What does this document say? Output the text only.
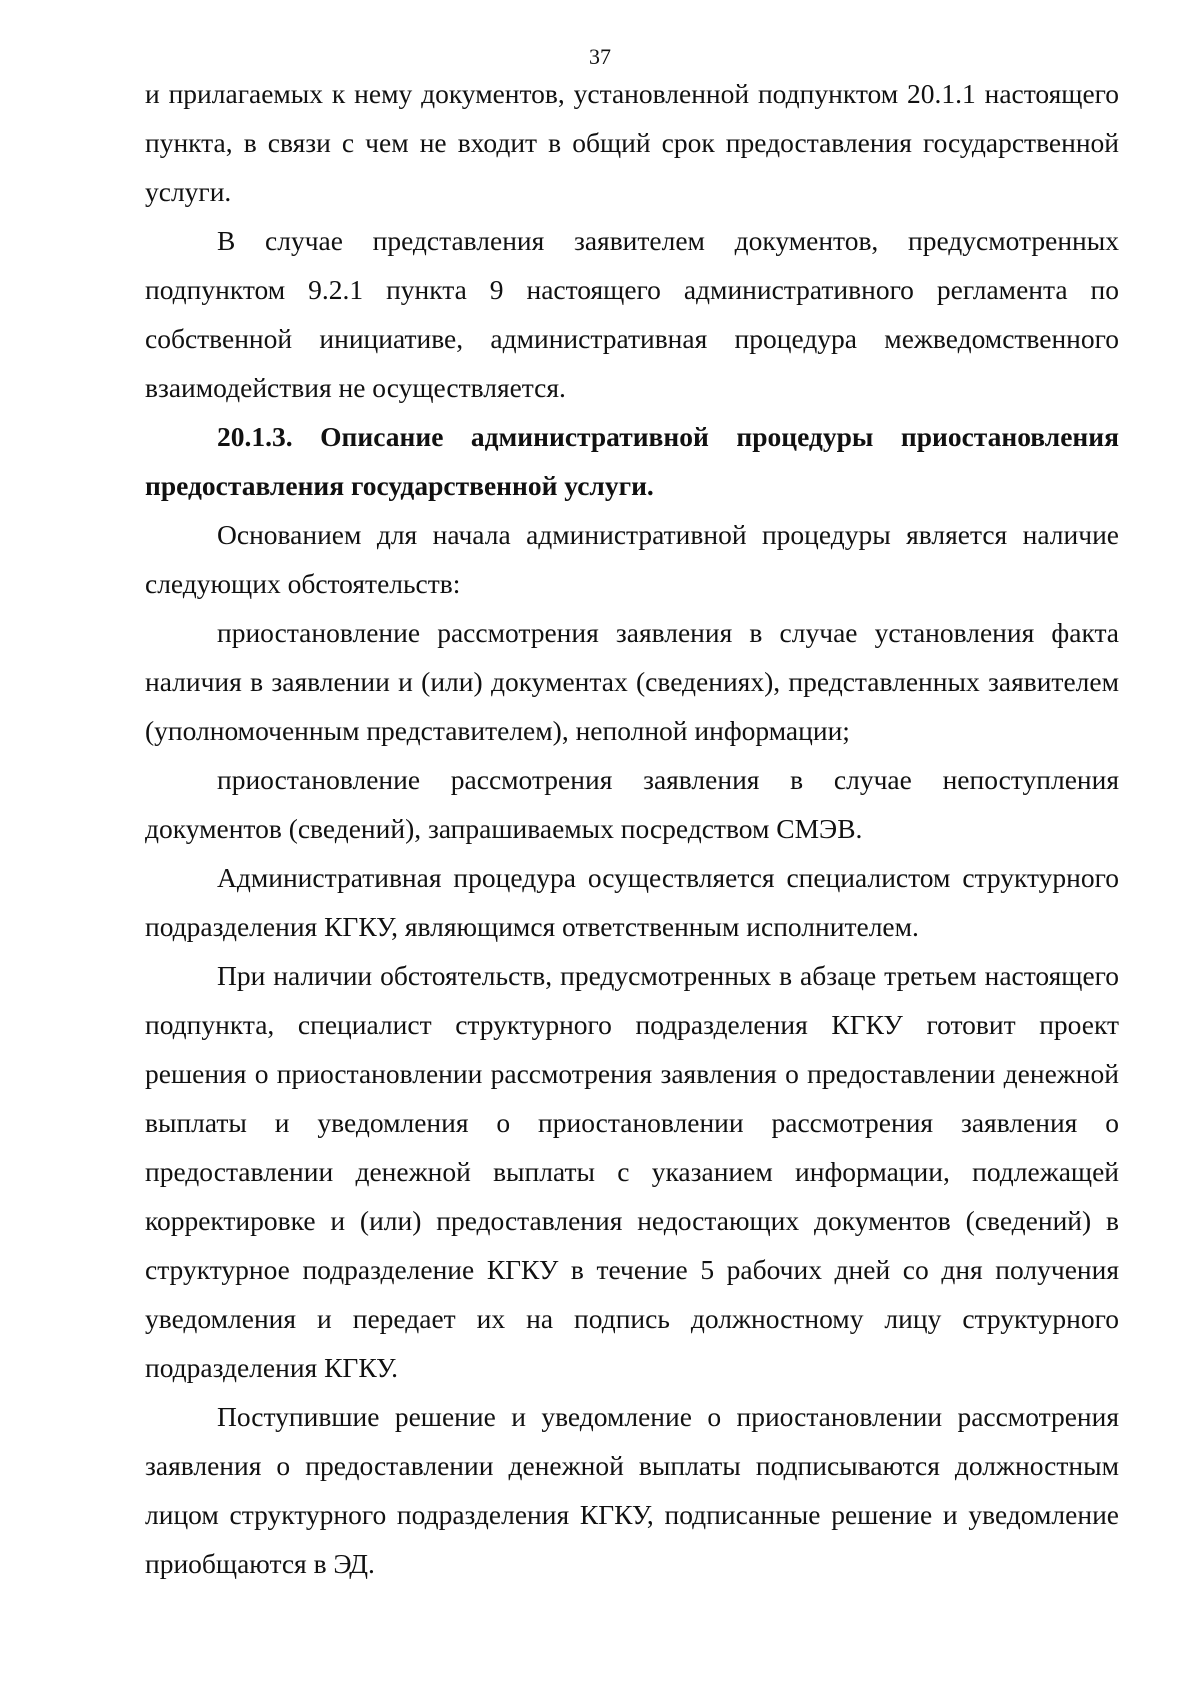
37

и прилагаемых к нему документов, установленной подпунктом 20.1.1 настоящего пункта, в связи с чем не входит в общий срок предоставления государственной услуги.

В случае представления заявителем документов, предусмотренных подпунктом 9.2.1 пункта 9 настоящего административного регламента по собственной инициативе, административная процедура межведомственного взаимодействия не осуществляется.

20.1.3. Описание административной процедуры приостановления предоставления государственной услуги.

Основанием для начала административной процедуры является наличие следующих обстоятельств:

приостановление рассмотрения заявления в случае установления факта наличия в заявлении и (или) документах (сведениях), представленных заявителем (уполномоченным представителем), неполной информации;

приостановление рассмотрения заявления в случае непоступления документов (сведений), запрашиваемых посредством СМЭВ.

Административная процедура осуществляется специалистом структурного подразделения КГКУ, являющимся ответственным исполнителем.

При наличии обстоятельств, предусмотренных в абзаце третьем настоящего подпункта, специалист структурного подразделения КГКУ готовит проект решения о приостановлении рассмотрения заявления о предоставлении денежной выплаты и уведомления о приостановлении рассмотрения заявления о предоставлении денежной выплаты с указанием информации, подлежащей корректировке и (или) предоставления недостающих документов (сведений) в структурное подразделение КГКУ в течение 5 рабочих дней со дня получения уведомления и передает их на подпись должностному лицу структурного подразделения КГКУ.

Поступившие решение и уведомление о приостановлении рассмотрения заявления о предоставлении денежной выплаты подписываются должностным лицом структурного подразделения КГКУ, подписанные решение и уведомление приобщаются в ЭД.
